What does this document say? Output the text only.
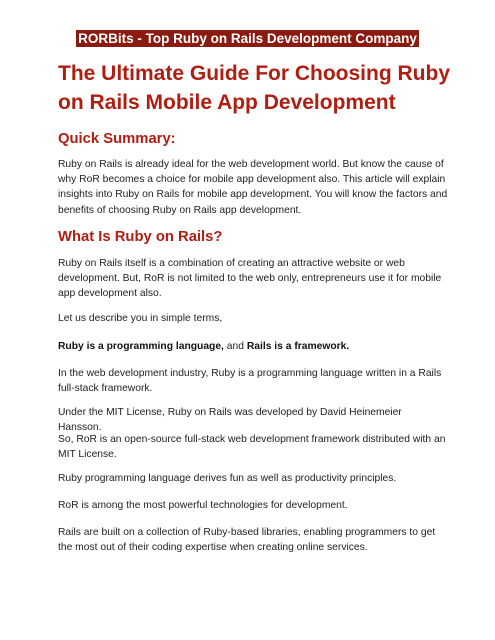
RORBits - Top Ruby on Rails Development Company
The Ultimate Guide For Choosing Ruby on Rails Mobile App Development
Quick Summary:

Ruby on Rails is already ideal for the web development world. But know the cause of why RoR becomes a choice for mobile app development also. This article will explain insights into Ruby on Rails for mobile app development. You will know the factors and benefits of choosing Ruby on Rails app development.

What Is Ruby on Rails?

Ruby on Rails itself is a combination of creating an attractive website or web development. But, RoR is not limited to the web only, entrepreneurs use it for mobile app development also.

Let us describe you in simple terms,

Ruby is a programming language, and Rails is a framework.

In the web development industry, Ruby is a programming language written in a Rails full-stack framework.

Under the MIT License, Ruby on Rails was developed by David Heinemeier Hansson.

So, RoR is an open-source full-stack web development framework distributed with an MIT License.

Ruby programming language derives fun as well as productivity principles.

RoR is among the most powerful technologies for development.

Rails are built on a collection of Ruby-based libraries, enabling programmers to get the most out of their coding expertise when creating online services.
